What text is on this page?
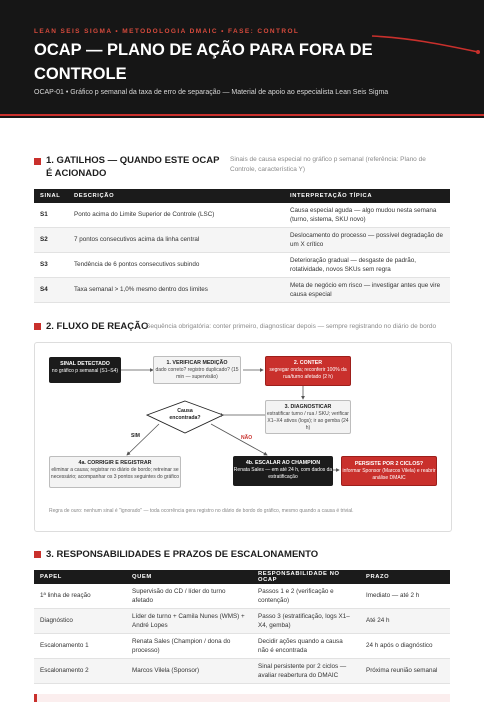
LEAN SEIS SIGMA • METODOLOGIA DMAIC • FASE: CONTROL
OCAP — PLANO DE AÇÃO PARA FORA DE CONTROLE
OCAP-01 • Gráfico p semanal da taxa de erro de separação — Material de apoio ao especialista Lean Seis Sigma
1. GATILHOS — QUANDO ESTE OCAP É ACIONADO
Sinais de causa especial no gráfico p semanal (referência: Plano de Controle, característica Y)
SINAL	DESCRIÇÃO	INTERPRETAÇÃO TÍPICA
S1	Ponto acima do Limite Superior de Controle (LSC)	Causa especial aguda — algo mudou nesta semana (turno, sistema, SKU novo)
S2	7 pontos consecutivos acima da linha central	Deslocamento do processo — possível degradação de um X crítico
S3	Tendência de 6 pontos consecutivos subindo	Deterioração gradual — desgaste de padrão, rotatividade, novos SKUs sem regra
S4	Taxa semanal > 1,0% mesmo dentro dos limites	Meta de negócio em risco — investigar antes que vire causa especial
2. FLUXO DE REAÇÃO
Sequência obrigatória: conter primeiro, diagnosticar depois — sempre registrando no diário de bordo
SINAL DETECTADO
no gráfico p semanal (S1–S4)
1. VERIFICAR MEDIÇÃO
dado correto? registro duplicado? (15 min — supervisão)
2. CONTER
segregar onda; reconferir 100% da rua/turno afetado (2 h)
3. DIAGNOSTICAR
estratificar turno / rua / SKU; verificar X1–X4 ativos (logs); ir ao gemba (24 h)
Causa encontrada?
SIM	NÃO
4a. CORRIGIR E REGISTRAR
eliminar a causa; registrar no diário de bordo; retreinar se necessário; acompanhar os 3 pontos seguintes do gráfico
4b. ESCALAR AO CHAMPION
Renata Sales — em até 24 h, com dados da estratificação
PERSISTE POR 2 CICLOS?
informar Sponsor (Marcos Vilela) e reabrir análise DMAIC
Regra de ouro: nenhum sinal é "ignorado" — toda ocorrência gera registro no diário de bordo do gráfico, mesmo quando a causa é trivial.
3. RESPONSABILIDADES E PRAZOS DE ESCALONAMENTO
PAPEL	QUEM	RESPONSABILIDADE NO OCAP	PRAZO
1ª linha de reação	Supervisão do CD / líder do turno afetado	Passos 1 e 2 (verificação e contenção)	Imediato — até 2 h
Diagnóstico	Líder de turno + Camila Nunes (WMS) + André Lopes	Passo 3 (estratificação, logs X1–X4, gemba)	Até 24 h
Escalonamento 1	Renata Sales (Champion / dona do processo)	Decidir ações quando a causa não é encontrada	24 h após o diagnóstico
Escalonamento 2	Marcos Vilela (Sponsor)	Sinal persistente por 2 ciclos — avaliar reabertura do DMAIC	Próxima reunião semanal
